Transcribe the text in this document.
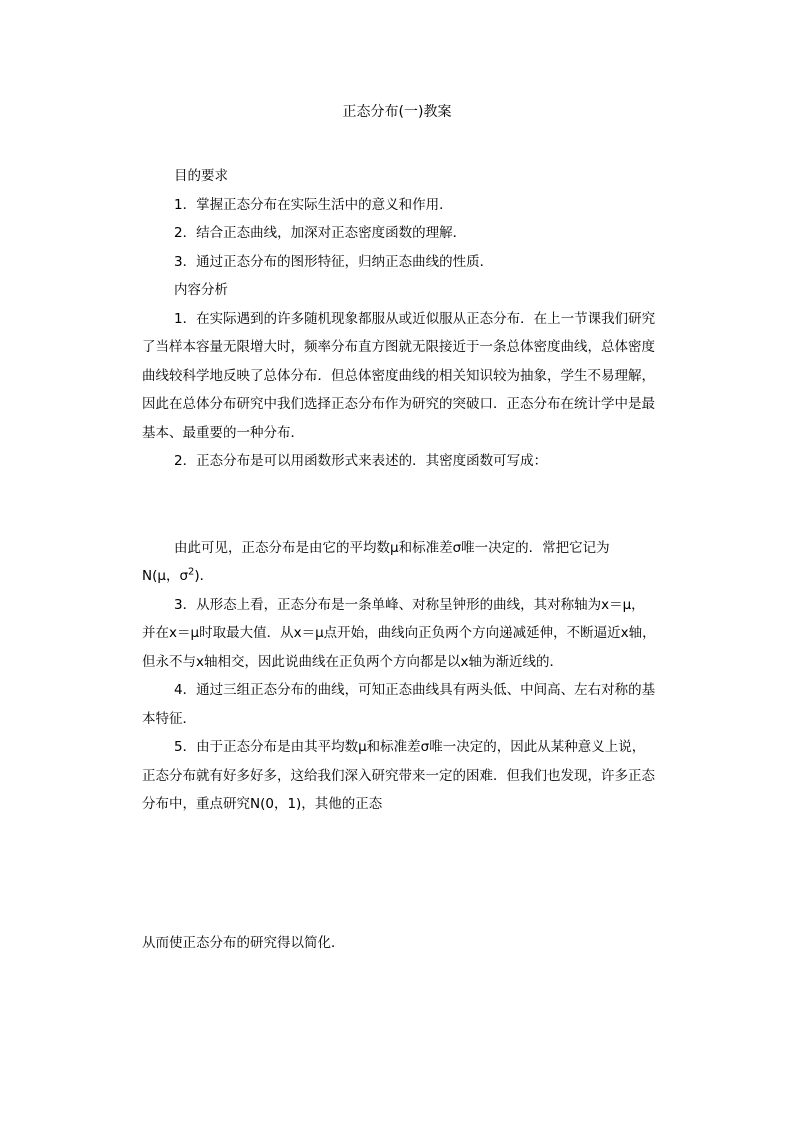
正态分布(一)教案

目的要求

1．掌握正态分布在实际生活中的意义和作用．

2．结合正态曲线，加深对正态密度函数的理解．

3．通过正态分布的图形特征，归纳正态曲线的性质．

内容分析

1．在实际遇到的许多随机现象都服从或近似服从正态分布．在上一节课我们研究了当样本容量无限增大时，频率分布直方图就无限接近于一条总体密度曲线，总体密度曲线较科学地反映了总体分布．但总体密度曲线的相关知识较为抽象，学生不易理解，因此在总体分布研究中我们选择正态分布作为研究的突破口．正态分布在统计学中是最基本、最重要的一种分布．

2．正态分布是可以用函数形式来表述的．其密度函数可写成：

由此可见，正态分布是由它的平均数μ和标准差σ唯一决定的．常把它记为

N(μ，$\sigma^2$)．

3．从形态上看，正态分布是一条单峰、对称呈钟形的曲线，其对称轴为x＝μ，并在x＝μ时取最大值．从x＝μ点开始，曲线向正负两个方向递减延伸，不断逼近x轴，但永不与x轴相交，因此说曲线在正负两个方向都是以x轴为渐近线的．

4．通过三组正态分布的曲线，可知正态曲线具有两头低、中间高、左右对称的基本特征．

5．由于正态分布是由其平均数μ和标准差σ唯一决定的，因此从某种意义上说，正态分布就有好多好多，这给我们深入研究带来一定的困难．但我们也发现，许多正态分布中，重点研究N(0，1)，其他的正态

从而使正态分布的研究得以简化．
